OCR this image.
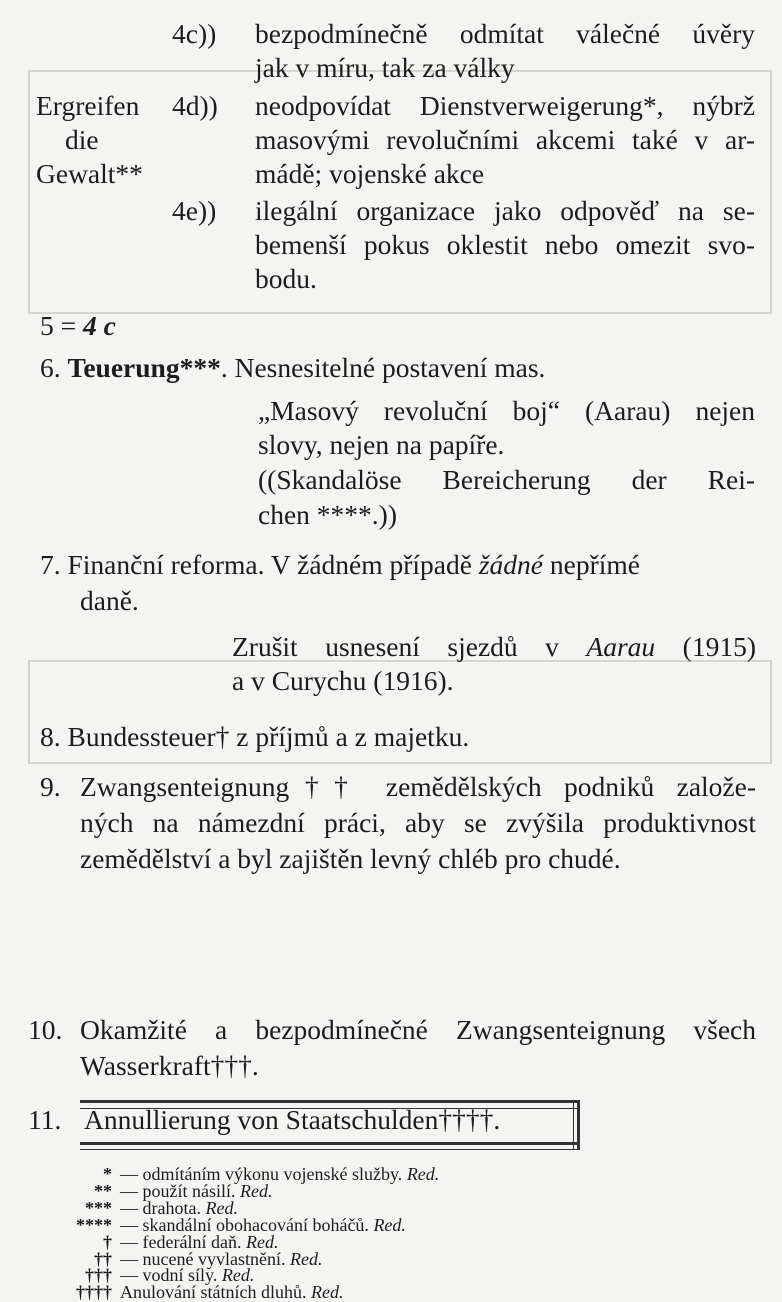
4c)) bezpodmínečně odmítat válečné úvěry
jak v míru, tak za války
Ergreifen
die
Gewalt**
4d)) neodpovídat Dienstverweigerung*, nýbrž
masovými revolučními akcemi také v ar-
mádě; vojenské akce
4e)) ilegální organizace jako odpověď na se-
bemenší pokus oklestit nebo omezit svo-
bodu.
5 = 4 c
6. Teuerung***. Nesnesitelné postavení mas.
„Masový revoluční boj“ (Aarau) nejen
slovy, nejen na papíře.
((Skandalöse Bereicherung der Rei-
chen ****.))
7. Finanční reforma. V žádném případě žádné nepřímé
daně.
Zrušit usnesení sjezdů v Aarau (1915)
a v Curychu (1916).
8. Bundessteuer† z příjmů a z majetku.
9. Zwangsenteignung†† zemědělských podniků založe-
ných na námezdní práci, aby se zvýšila produktivnost
zemědělství a byl zajištěn levný chléb pro chudé.
10. Okamžité a bezpodmínečné Zwangsenteignung všech
Wasserkraft†††.
11. Annullierung von Staatschulden††††.
* — odmítáním výkonu vojenské služby. Red.
** — použít násilí. Red.
*** — drahota. Red.
**** — skandální obohacování boháčů. Red.
† — federální daň. Red.
†† — nucené vyvlastnění. Red.
††† — vodní síly. Red.
†††† Anulování státních dluhů. Red.
